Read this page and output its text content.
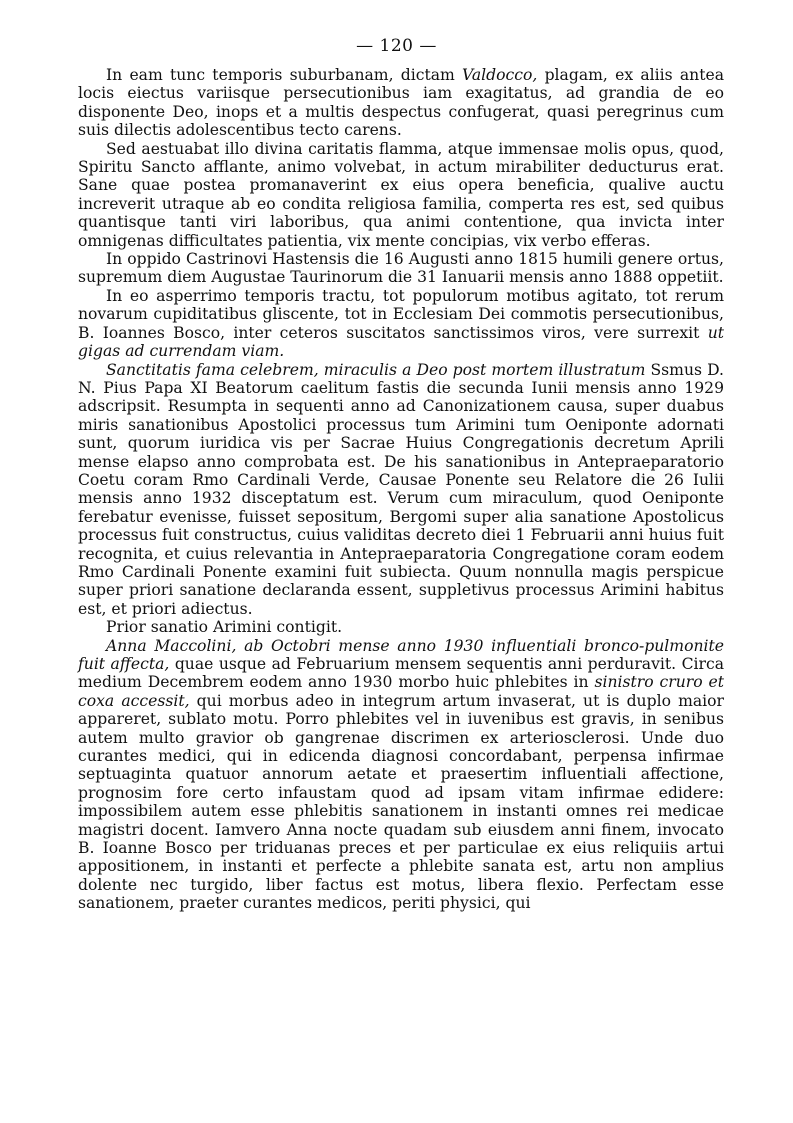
— 120 —

In eam tunc temporis suburbanam, dictam Valdocco, plagam, ex aliis antea locis eiectus variisque persecutionibus iam exagitatus, ad grandia de eo disponente Deo, inops et a multis despectus confugerat, quasi peregrinus cum suis dilectis adolescentibus tecto carens.

Sed aestuabat illo divina caritatis flamma, atque immensae molis opus, quod, Spiritu Sancto afflante, animo volvebat, in actum mirabiliter deducturus erat. Sane quae postea promanaverint ex eius opera beneficia, qualive auctu increverit utraque ab eo condita religiosa familia, comperta res est, sed quibus quantisque tanti viri laboribus, qua animi contentione, qua invicta inter omnigenas difficultates patientia, vix mente concipias, vix verbo efferas.

In oppido Castrinovi Hastensis die 16 Augusti anno 1815 humili genere ortus, supremum diem Augustae Taurinorum die 31 Ianuarii mensis anno 1888 oppetiit.

In eo asperrimo temporis tractu, tot populorum motibus agitato, tot rerum novarum cupiditatibus gliscente, tot in Ecclesiam Dei commotis persecutionibus, B. Ioannes Bosco, inter ceteros suscitatos sanctissimos viros, vere surrexit ut gigas ad currendam viam.

Sanctitatis fama celebrem, miraculis a Deo post mortem illustratum Ssmus D. N. Pius Papa XI Beatorum caelitum fastis die secunda Iunii mensis anno 1929 adscripsit. Resumpta in sequenti anno ad Canonizationem causa, super duabus miris sanationibus Apostolici processus tum Arimini tum Oeniponte adornati sunt, quorum iuridica vis per Sacrae Huius Congregationis decretum Aprili mense elapso anno comprobata est. De his sanationibus in Antepraeparatorio Coetu coram Rmo Cardinali Verde, Causae Ponente seu Relatore die 26 Iulii mensis anno 1932 disceptatum est. Verum cum miraculum, quod Oeniponte ferebatur evenisse, fuisset sepositum, Bergomi super alia sanatione Apostolicus processus fuit constructus, cuius validitas decreto diei 1 Februarii anni huius fuit recognita, et cuius relevantia in Antepraeparatoria Congregatione coram eodem Rmo Cardinali Ponente examini fuit subiecta. Quum nonnulla magis perspicue super priori sanatione declaranda essent, suppletivus processus Arimini habitus est, et priori adiectus.

Prior sanatio Arimini contigit.

Anna Maccolini, ab Octobri mense anno 1930 influentiali bronco-pulmonite fuit affecta, quae usque ad Februarium mensem sequentis anni perduravit. Circa medium Decembrem eodem anno 1930 morbo huic phlebites in sinistro cruro et coxa accessit, qui morbus adeo in integrum artum invaserat, ut is duplo maior appareret, sublato motu. Porro phlebites vel in iuvenibus est gravis, in senibus autem multo gravior ob gangrenae discrimen ex arteriosclerosi. Unde duo curantes medici, qui in edicenda diagnosi concordabant, perpensa infirmae septuaginta quatuor annorum aetate et praesertim influentiali affectione, prognosim fore certo infaustam quod ad ipsam vitam infirmae edidere: impossibilem autem esse phlebitis sanationem in instanti omnes rei medicae magistri docent. Iamvero Anna nocte quadam sub eiusdem anni finem, invocato B. Ioanne Bosco per triduanas preces et per particulae ex eius reliquiis artui appositionem, in instanti et perfecte a phlebite sanata est, artu non amplius dolente nec turgido, liber factus est motus, libera flexio. Perfectam esse sanationem, praeter curantes medicos, periti physici, qui
